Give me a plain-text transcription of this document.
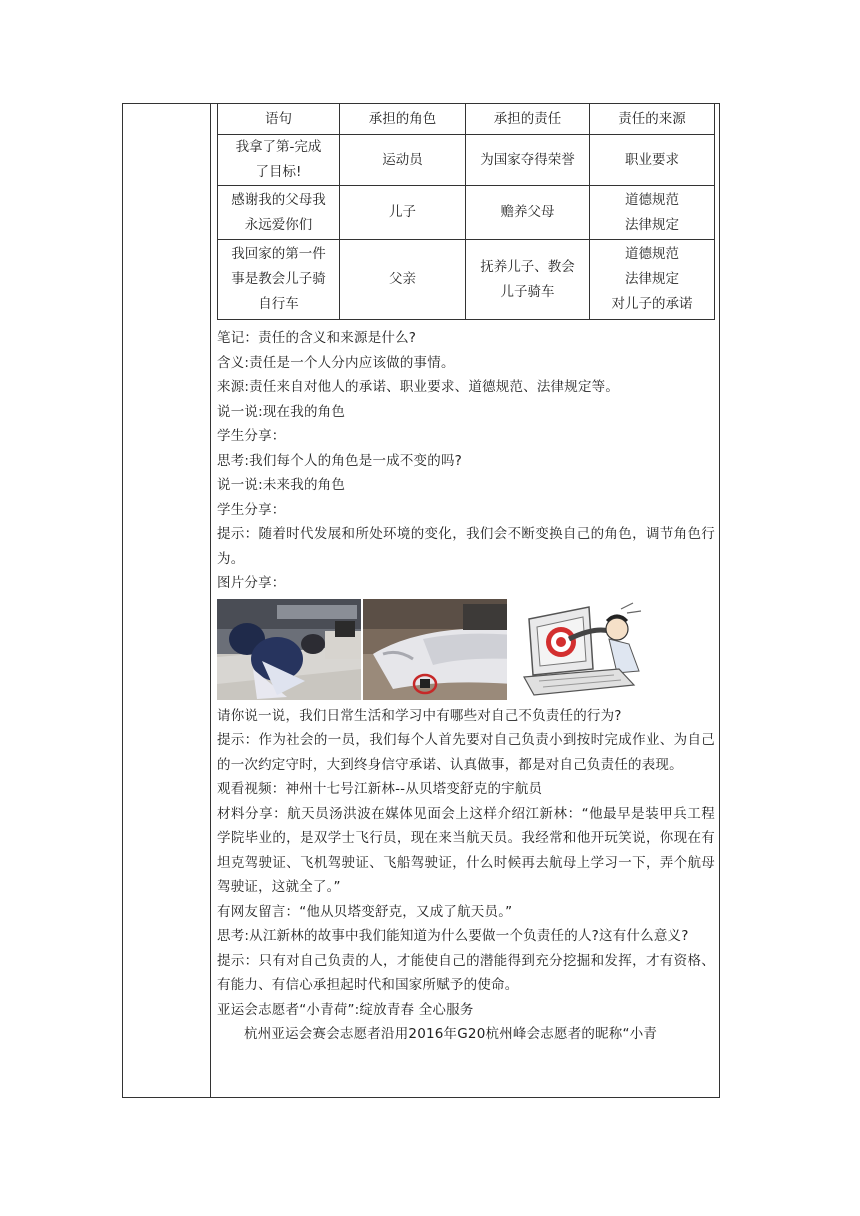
语句	承担的角色	承担的责任	责任的来源

我拿了第-完成
了目标!	运动员	为国家夺得荣誉	职业要求

感谢我的父母我
永远爱你们	儿子	赡养父母	道德规范
法律规定

我回家的第一件
事是教会儿子骑
自行车	父亲	抚养儿子、教会
儿子骑车	道德规范
法律规定
对儿子的承诺

笔记：责任的含义和来源是什么?

含义:责任是一个人分内应该做的事情。

来源:责任来自对他人的承诺、职业要求、道德规范、法律规定等。

说一说:现在我的角色

学生分享：

思考:我们每个人的角色是一成不变的吗?

说一说:未来我的角色

学生分享：

提示：随着时代发展和所处环境的变化，我们会不断变换自己的角色，调节角色行为。

图片分享：

请你说一说，我们日常生活和学习中有哪些对自己不负责任的行为?

提示：作为社会的一员，我们每个人首先要对自己负责小到按时完成作业、为自己的一次约定守时，大到终身信守承诺、认真做事，都是对自己负责任的表现。

观看视频：神州十七号江新林--从贝塔变舒克的宇航员

材料分享：航天员汤洪波在媒体见面会上这样介绍江新林：“他最早是装甲兵工程学院毕业的，是双学士飞行员，现在来当航天员。我经常和他开玩笑说，你现在有坦克驾驶证、飞机驾驶证、飞船驾驶证，什么时候再去航母上学习一下，弄个航母驾驶证，这就全了。”

有网友留言：“他从贝塔变舒克，又成了航天员。”

思考:从江新林的故事中我们能知道为什么要做一个负责任的人?这有什么意义?

提示：只有对自己负责的人，才能使自己的潜能得到充分挖掘和发挥，才有资格、有能力、有信心承担起时代和国家所赋予的使命。

亚运会志愿者“小青荷”:绽放青春 全心服务

杭州亚运会赛会志愿者沿用2016年G20杭州峰会志愿者的昵称“小青
